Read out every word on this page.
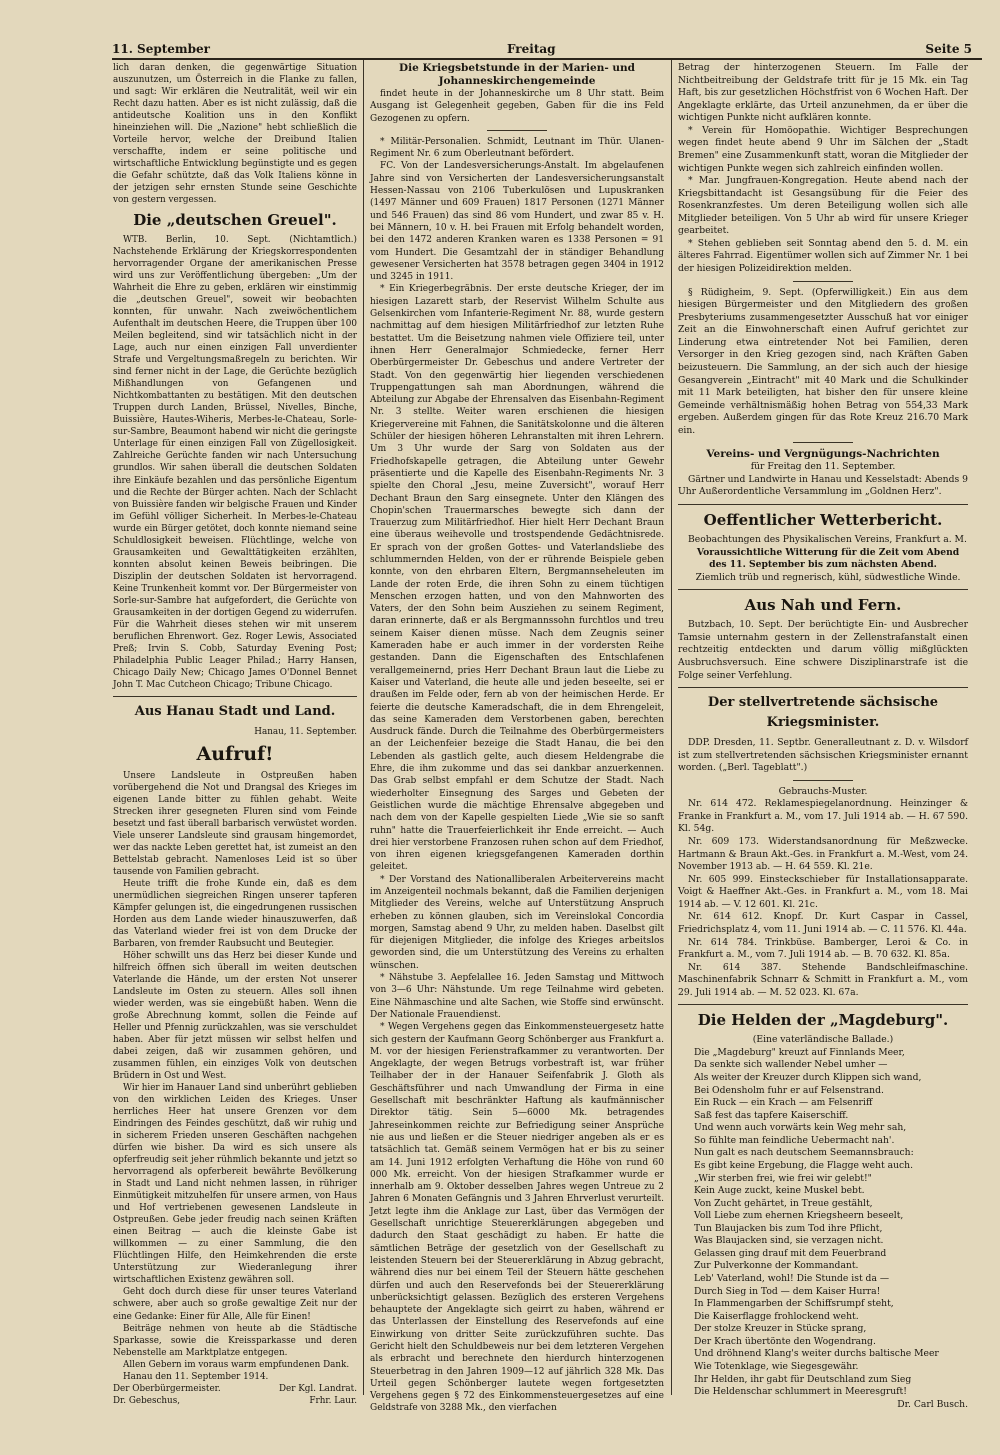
11. September	Freitag	Seite 5

lich daran denken, die gegenwärtige Situation auszunutzen, um Österreich in die Flanke zu fallen, und sagt: Wir erklären die Neutralität, weil wir ein Recht dazu hatten. Aber es ist nicht zulässig, daß die antideutsche Koalition uns in den Konflikt hineinziehen will. Die „Nazione" hebt schließlich die Vorteile hervor, welche der Dreibund Italien verschaffte, indem er seine politische und wirtschaftliche Entwicklung begünstigte und es gegen die Gefahr schützte, daß das Volk Italiens könne in der jetzigen sehr ernsten Stunde seine Geschichte von gestern vergessen.

Die „deutschen Greuel".

WTB. Berlin, 10. Sept. (Nichtamtlich.) Nachstehende Erklärung der Kriegskorrespondenten hervorragender Organe der amerikanischen Presse wird uns zur Veröffentlichung übergeben: „Um der Wahrheit die Ehre zu geben, erklären wir einstimmig die „deutschen Greuel", soweit wir beobachten konnten, für unwahr. Nach zweiwöchentlichem Aufenthalt im deutschen Heere, die Truppen über 100 Meilen begleitend, sind wir tatsächlich nicht in der Lage, auch nur einen einzigen Fall unverdienter Strafe und Vergeltungsmaßregeln zu berichten. Wir sind ferner nicht in der Lage, die Gerüchte bezüglich Mißhandlungen von Gefangenen und Nichtkombattanten zu bestätigen. Mit den deutschen Truppen durch Landen, Brüssel, Nivelles, Binche, Buissière, Hautes-Wiheris, Merbes-le-Chateau, Sorle-sur-Sambre, Beaumont habend wir nicht die geringste Unterlage für einen einzigen Fall von Zügellosigkeit. Zahlreiche Gerüchte fanden wir nach Untersuchung grundlos. Wir sahen überall die deutschen Soldaten ihre Einkäufe bezahlen und das persönliche Eigentum und die Rechte der Bürger achten. Nach der Schlacht von Buissière fanden wir belgische Frauen und Kinder im Gefühl völliger Sicherheit. In Merbes-le-Chateau wurde ein Bürger getötet, doch konnte niemand seine Schuldlosigkeit beweisen. Flüchtlinge, welche von Grausamkeiten und Gewalttätigkeiten erzählten, konnten absolut keinen Beweis beibringen. Die Disziplin der deutschen Soldaten ist hervorragend. Keine Trunkenheit kommt vor. Der Bürgermeister von Sorle-sur-Sambre hat aufgefordert, die Gerüchte von Grausamkeiten in der dortigen Gegend zu widerrufen. Für die Wahrheit dieses stehen wir mit unserem beruflichen Ehrenwort. Gez. Roger Lewis, Associated Preß; Irvin S. Cobb, Saturday Evening Post; Philadelphia Public Leager Philad.; Harry Hansen, Chicago Daily New; Chicago James O'Donnel Bennet John T. Mac Cutcheon Chicago; Tribune Chicago.

Aus Hanau Stadt und Land.
Hanau, 11. September.
Aufruf!

Unsere Landsleute in Ostpreußen haben vorübergehend die Not und Drangsal des Krieges im eigenen Lande bitter zu fühlen gehabt. Weite Strecken ihrer gesegneten Fluren sind vom Feinde besetzt und fast überall barbarisch verwüstet worden. Viele unserer Landsleute sind grausam hingemordet, wer das nackte Leben gerettet hat, ist zumeist an den Bettelstab gebracht. Namenloses Leid ist so über tausende von Familien gebracht.

Heute trifft die frohe Kunde ein, daß es dem unermüdlichen siegreichen Ringen unserer tapferen Kämpfer gelungen ist, die eingedrungenen russischen Horden aus dem Lande wieder hinauszuwerfen, daß das Vaterland wieder frei ist von dem Drucke der Barbaren, von fremder Raubsucht und Beutegier.

Höher schwillt uns das Herz bei dieser Kunde und hilfreich öffnen sich überall im weiten deutschen Vaterlande die Hände, um der ersten Not unserer Landsleute im Osten zu steuern. Alles soll ihnen wieder werden, was sie eingebüßt haben. Wenn die große Abrechnung kommt, sollen die Feinde auf Heller und Pfennig zurückzahlen, was sie verschuldet haben. Aber für jetzt müssen wir selbst helfen und dabei zeigen, daß wir zusammen gehören, und zusammen fühlen, ein einziges Volk von deutschen Brüdern in Ost und West.

Wir hier im Hanauer Land sind unberührt geblieben von den wirklichen Leiden des Krieges. Unser herrliches Heer hat unsere Grenzen vor dem Eindringen des Feindes geschützt, daß wir ruhig und in sicherem Frieden unseren Geschäften nachgehen dürfen wie bisher. Da wird es sich unsere als opferfreudig seit jeher rühmlich bekannte und jetzt so hervorragend als opferbereit bewährte Bevölkerung in Stadt und Land nicht nehmen lassen, in rühriger Einmütigkeit mitzuhelfen für unsere armen, von Haus und Hof vertriebenen gewesenen Landsleute in Ostpreußen. Gebe jeder freudig nach seinen Kräften einen Beitrag — auch die kleinste Gabe ist willkommen — zu einer Sammlung, die den Flüchtlingen Hilfe, den Heimkehrenden die erste Unterstützung zur Wiederanlegung ihrer wirtschaftlichen Existenz gewähren soll.

Geht doch durch diese für unser teures Vaterland schwere, aber auch so große gewaltige Zeit nur der eine Gedanke: Einer für Alle, Alle für Einen!

Beiträge nehmen von heute ab die Städtische Sparkasse, sowie die Kreissparkasse und deren Nebenstelle am Marktplatze entgegen.

Allen Gebern im voraus warm empfundenen Dank.

Hanau den 11. September 1914.

Der Oberbürgermeister.	Der Kgl. Landrat.
Dr. Gebeschus,	Frhr. Laur.
Die Kriegsbetstunde in der Marien- und Johanneskirchengemeinde

findet heute in der Johanneskirche um 8 Uhr statt. Beim Ausgang ist Gelegenheit gegeben, Gaben für die ins Feld Gezogenen zu opfern.

* Militär-Personalien. Schmidt, Leutnant im Thür. Ulanen-Regiment Nr. 6 zum Oberleutnant befördert.

FC. Von der Landesversicherungs-Anstalt. Im abgelaufenen Jahre sind von Versicherten der Landesversicherungsanstalt Hessen-Nassau von 2106 Tuberkulösen und Lupuskranken (1497 Männer und 609 Frauen) 1817 Personen (1271 Männer und 546 Frauen) das sind 86 vom Hundert, und zwar 85 v. H. bei Männern, 10 v. H. bei Frauen mit Erfolg behandelt worden, bei den 1472 anderen Kranken waren es 1338 Personen = 91 vom Hundert. Die Gesamtzahl der in ständiger Behandlung gewesener Versicherten hat 3578 betragen gegen 3404 in 1912 und 3245 in 1911.

* Ein Kriegerbegräbnis. Der erste deutsche Krieger, der im hiesigen Lazarett starb, der Reservist Wilhelm Schulte aus Gelsenkirchen vom Infanterie-Regiment Nr. 88, wurde gestern nachmittag auf dem hiesigen Militärfriedhof zur letzten Ruhe bestattet. Um die Beisetzung nahmen viele Offiziere teil, unter ihnen Herr Generalmajor Schmiedecke, ferner Herr Oberbürgermeister Dr. Gebeschus und andere Vertreter der Stadt. Von den gegenwärtig hier liegenden verschiedenen Truppengattungen sah man Abordnungen, während die Abteilung zur Abgabe der Ehrensalven das Eisenbahn-Regiment Nr. 3 stellte. Weiter waren erschienen die hiesigen Kriegervereine mit Fahnen, die Sanitätskolonne und die älteren Schüler der hiesigen höheren Lehranstalten mit ihren Lehrern. Um 3 Uhr wurde der Sarg von Soldaten aus der Friedhofskapelle getragen, die Abteilung unter Gewehr präsentierte und die Kapelle des Eisenbahn-Regiments Nr. 3 spielte den Choral „Jesu, meine Zuversicht", worauf Herr Dechant Braun den Sarg einsegnete. Unter den Klängen des Chopin'schen Trauermarsches bewegte sich dann der Trauerzug zum Militärfriedhof. Hier hielt Herr Dechant Braun eine überaus weihevolle und trostspendende Gedächtnisrede. Er sprach von der großen Gottes- und Vaterlandsliebe des schlummernden Helden, von der er rührende Beispiele geben konnte, von den ehrbaren Eltern, Bergmannseheleuten im Lande der roten Erde, die ihren Sohn zu einem tüchtigen Menschen erzogen hatten, und von den Mahnworten des Vaters, der den Sohn beim Ausziehen zu seinem Regiment, daran erinnerte, daß er als Bergmannssohn furchtlos und treu seinem Kaiser dienen müsse. Nach dem Zeugnis seiner Kameraden habe er auch immer in der vordersten Reihe gestanden. Dann die Eigenschaften des Entschlafenen verallgemeinernd, pries Herr Dechant Braun laut die Liebe zu Kaiser und Vaterland, die heute alle und jeden beseelte, sei er draußen im Felde oder, fern ab von der heimischen Herde. Er feierte die deutsche Kameradschaft, die in dem Ehrengeleit, das seine Kameraden dem Verstorbenen gaben, berechten Ausdruck fände. Durch die Teilnahme des Oberbürgermeisters an der Leichenfeier bezeige die Stadt Hanau, die bei den Lebenden als gastlich gelte, auch diesem Heldengrabe die Ehre, die ihm zukomme und das sei dankbar anzuerkennen. Das Grab selbst empfahl er dem Schutze der Stadt. Nach wiederholter Einsegnung des Sarges und Gebeten der Geistlichen wurde die mächtige Ehrensalve abgegeben und nach dem von der Kapelle gespielten Liede „Wie sie so sanft ruhn" hatte die Trauerfeierlichkeit ihr Ende erreicht. — Auch drei hier verstorbene Franzosen ruhen schon auf dem Friedhof, von ihren eigenen kriegsgefangenen Kameraden dorthin geleitet.

* Der Vorstand des Nationalliberalen Arbeitervereins macht im Anzeigenteil nochmals bekannt, daß die Familien derjenigen Mitglieder des Vereins, welche auf Unterstützung Anspruch erheben zu können glauben, sich im Vereinslokal Concordia morgen, Samstag abend 9 Uhr, zu melden haben. Daselbst gilt für diejenigen Mitglieder, die infolge des Krieges arbeitslos geworden sind, die um Unterstützung des Vereins zu erhalten wünschen.

* Nähstube 3. Aepfelallee 16. Jeden Samstag und Mittwoch von 3—6 Uhr: Nähstunde. Um rege Teilnahme wird gebeten. Eine Nähmaschine und alte Sachen, wie Stoffe sind erwünscht. Der Nationale Frauendienst.

* Wegen Vergehens gegen das Einkommensteuergesetz hatte sich gestern der Kaufmann Georg Schönberger aus Frankfurt a. M. vor der hiesigen Ferienstrafkammer zu verantworten. Der Angeklagte, der wegen Betrugs vorbestraft ist, war früher Teilhaber der in der Hanauer Seifenfabrik J. Gloth als Geschäftsführer und nach Umwandlung der Firma in eine Gesellschaft mit beschränkter Haftung als kaufmännischer Direktor tätig. Sein 5—6000 Mk. betragendes Jahreseinkommen reichte zur Befriedigung seiner Ansprüche nie aus und ließen er die Steuer niedriger angeben als er es tatsächlich tat. Gemäß seinem Vermögen hat er bis zu seiner am 14. Juni 1912 erfolgten Verhaftung die Höhe von rund 60 000 Mk. erreicht. Von der hiesigen Strafkammer wurde er innerhalb am 9. Oktober desselben Jahres wegen Untreue zu 2 Jahren 6 Monaten Gefängnis und 3 Jahren Ehrverlust verurteilt. Jetzt legte ihm die Anklage zur Last, über das Vermögen der Gesellschaft unrichtige Steuererklärungen abgegeben und dadurch den Staat geschädigt zu haben. Er hatte die sämtlichen Beträge der gesetzlich von der Gesellschaft zu leistenden Steuern bei der Steuererklärung in Abzug gebracht, während dies nur bei einem Teil der Steuern hätte geschehen dürfen und auch den Reservefonds bei der Steuererklärung unberücksichtigt gelassen. Bezüglich des ersteren Vergehens behauptete der Angeklagte sich geirrt zu haben, während er das Unterlassen der Einstellung des Reservefonds auf eine Einwirkung von dritter Seite zurückzuführen suchte. Das Gericht hielt den Schuldbeweis nur bei dem letzteren Vergehen als erbracht und berechnete den hierdurch hinterzogenen Steuerbetrag in den Jahren 1909—12 auf jährlich 328 Mk. Das Urteil gegen Schönberger lautete wegen fortgesetzten Vergehens gegen § 72 des Einkommensteuergesetzes auf eine Geldstrafe von 3288 Mk., den vierfachen

Betrag der hinterzogenen Steuern. Im Falle der Nichtbeitreibung der Geldstrafe tritt für je 15 Mk. ein Tag Haft, bis zur gesetzlichen Höchstfrist von 6 Wochen Haft. Der Angeklagte erklärte, das Urteil anzunehmen, da er über die wichtigen Punkte nicht aufklären konnte.

* Verein für Homöopathie. Wichtiger Besprechungen wegen findet heute abend 9 Uhr im Sälchen der „Stadt Bremen" eine Zusammenkunft statt, woran die Mitglieder der wichtigen Punkte wegen sich zahlreich einfinden wollen.

* Mar. Jungfrauen-Kongregation. Heute abend nach der Kriegsbittandacht ist Gesangsübung für die Feier des Rosenkranzfestes. Um deren Beteiligung wollen sich alle Mitglieder beteiligen. Von 5 Uhr ab wird für unsere Krieger gearbeitet.

* Stehen geblieben seit Sonntag abend den 5. d. M. ein älteres Fahrrad. Eigentümer wollen sich auf Zimmer Nr. 1 bei der hiesigen Polizeidirektion melden.

§ Rüdigheim, 9. Sept. (Opferwilligkeit.) Ein aus dem hiesigen Bürgermeister und den Mitgliedern des großen Presbyteriums zusammengesetzter Ausschuß hat vor einiger Zeit an die Einwohnerschaft einen Aufruf gerichtet zur Linderung etwa eintretender Not bei Familien, deren Versorger in den Krieg gezogen sind, nach Kräften Gaben beizusteuern. Die Sammlung, an der sich auch der hiesige Gesangverein „Eintracht" mit 40 Mark und die Schulkinder mit 11 Mark beteiligten, hat bisher den für unsere kleine Gemeinde verhältnismäßig hohen Betrag von 554,33 Mark ergeben. Außerdem gingen für das Rote Kreuz 216.70 Mark ein.

Vereins- und Vergnügungs-Nachrichten
für Freitag den 11. September.

Gärtner und Landwirte in Hanau und Kesselstadt: Abends 9 Uhr Außerordentliche Versammlung im „Goldnen Herz".

Oeffentlicher Wetterbericht.

Beobachtungen des Physikalischen Vereins, Frankfurt a. M.

Voraussichtliche Witterung für die Zeit vom Abend des 11. September bis zum nächsten Abend.

Ziemlich trüb und regnerisch, kühl, südwestliche Winde.

Aus Nah und Fern.

Butzbach, 10. Sept. Der berüchtigte Ein- und Ausbrecher Tamsie unternahm gestern in der Zellenstrafanstalt einen rechtzeitig entdeckten und darum völlig mißglückten Ausbruchsversuch. Eine schwere Disziplinarstrafe ist die Folge seiner Verfehlung.

Der stellvertretende sächsische Kriegsminister.

DDP. Dresden, 11. Septbr. Generalleutnant z. D. v. Wilsdorf ist zum stellvertretenden sächsischen Kriegsminister ernannt worden. („Berl. Tageblatt".)

Gebrauchs-Muster.

Nr. 614 472. Reklamespiegelanordnung. Heinzinger & Franke in Frankfurt a. M., vom 17. Juli 1914 ab. — H. 67 590. Kl. 54g.

Nr. 609 173. Widerstandsanordnung für Meßzwecke. Hartmann & Braun Akt.-Ges. in Frankfurt a. M.-West, vom 24. November 1913 ab. — H. 64 559. Kl. 21e.

Nr. 605 999. Einsteckschieber für Installationsapparate. Voigt & Haeffner Akt.-Ges. in Frankfurt a. M., vom 18. Mai 1914 ab. — V. 12 601. Kl. 21c.

Nr. 614 612. Knopf. Dr. Kurt Caspar in Cassel, Friedrichsplatz 4, vom 11. Juni 1914 ab. — C. 11 576. Kl. 44a.

Nr. 614 784. Trinkbüse. Bamberger, Leroi & Co. in Frankfurt a. M., vom 7. Juli 1914 ab. — B. 70 632. Kl. 85a.

Nr. 614 387. Stehende Bandschleifmaschine. Maschinenfabrik Schnarr & Schmitt in Frankfurt a. M., vom 29. Juli 1914 ab. — M. 52 023. Kl. 67a.

Die Helden der „Magdeburg".
(Eine vaterländische Ballade.)
Die „Magdeburg" kreuzt auf Finnlands Meer,
Da senkte sich wallender Nebel umher —
Als weiter der Kreuzer durch Klippen sich wand,
Bei Odensholm fuhr er auf Felsenstrand.
Ein Ruck — ein Krach — am Felsenriff
Saß fest das tapfere Kaiserschiff.
Und wenn auch vorwärts kein Weg mehr sah,
So fühlte man feindliche Uebermacht nah'.
Nun galt es nach deutschem Seemannsbrauch:
Es gibt keine Ergebung, die Flagge weht auch.
„Wir sterben frei, wie frei wir gelebt!"
Kein Auge zuckt, keine Muskel bebt.
Von Zucht gehärtet, in Treue gestählt,
Voll Liebe zum ehernen Kriegsheern beseelt,
Tun Blaujacken bis zum Tod ihre Pflicht,
Was Blaujacken sind, sie verzagen nicht.
Gelassen ging drauf mit dem Feuerbrand
Zur Pulverkonne der Kommandant.
Leb' Vaterland, wohl! Die Stunde ist da —
Durch Sieg in Tod — dem Kaiser Hurra!
In Flammengarben der Schiffsrumpf steht,
Die Kaiserflagge frohlockend weht.
Der stolze Kreuzer in Stücke sprang,
Der Krach übertönte den Wogendrang.
Und dröhnend Klang's weiter durchs baltische Meer
Wie Totenklage, wie Siegesgewähr.
Ihr Helden, ihr gabt für Deutschland zum Sieg
Die Heldenschar schlummert in Meeresgruft!
Dr. Carl Busch.
